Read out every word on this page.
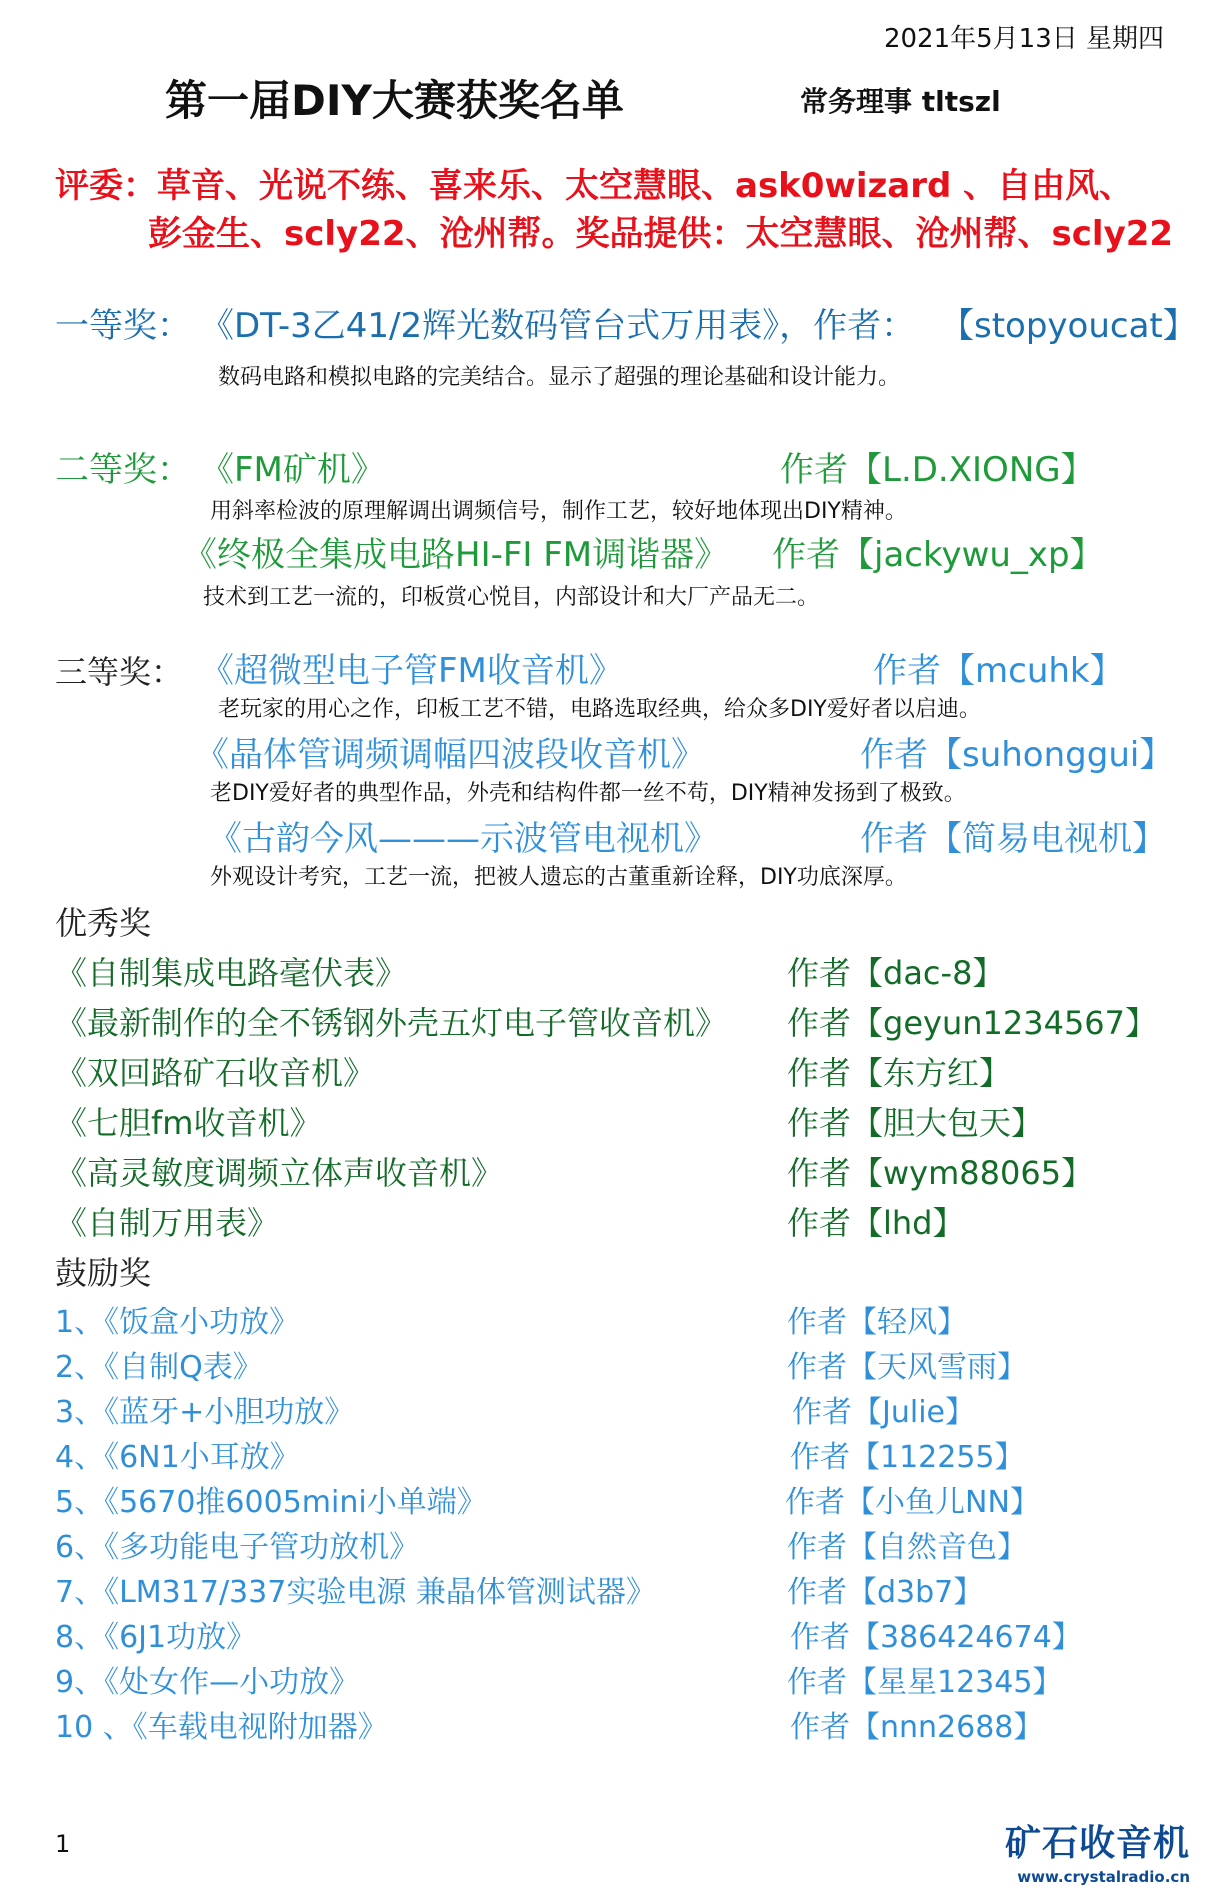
2021年5月13日 星期四
第一届DIY大赛获奖名单	常务理事 tltszl
评委：草音、光说不练、喜来乐、太空慧眼、ask0wizard 、自由风、
彭金生、scly22、沧州帮。奖品提供：太空慧眼、沧州帮、scly22
一等奖： 《DT-3乙41/2辉光数码管台式万用表》，作者： 【stopyoucat】
数码电路和模拟电路的完美结合。显示了超强的理论基础和设计能力。
二等奖： 《FM矿机》	作者【L.D.XIONG】
用斜率检波的原理解调出调频信号，制作工艺，较好地体现出DIY精神。
《终极全集成电路HI-FI FM调谐器》 作者【jackywu_xp】
技术到工艺一流的，印板赏心悦目，内部设计和大厂产品无二。
三等奖： 《超微型电子管FM收音机》	作者【mcuhk】
老玩家的用心之作，印板工艺不错，电路选取经典，给众多DIY爱好者以启迪。
《晶体管调频调幅四波段收音机》	作者【suhonggui】
老DIY爱好者的典型作品，外壳和结构件都一丝不苟，DIY精神发扬到了极致。
《古韵今风———示波管电视机》	作者【简易电视机】
外观设计考究，工艺一流，把被人遗忘的古董重新诠释，DIY功底深厚。
优秀奖
《自制集成电路毫伏表》	作者【dac-8】
《最新制作的全不锈钢外壳五灯电子管收音机》 作者【geyun1234567】
《双回路矿石收音机》	作者【东方红】
《七胆fm收音机》	作者【胆大包天】
《高灵敏度调频立体声收音机》	作者【wym88065】
《自制万用表》	作者【lhd】
鼓励奖
1、《饭盒小功放》	作者【轻风】
2、《自制Q表》	作者【天风雪雨】
3、《蓝牙+小胆功放》	作者【Julie】
4、《6N1小耳放》	作者【112255】
5、《5670推6005mini小单端》	作者【小鱼儿NN】
6、《多功能电子管功放机》	作者【自然音色】
7、《LM317/337实验电源 兼晶体管测试器》	作者【d3b7】
8、《6J1功放》	作者【386424674】
9、《处女作—小功放》	作者【星星12345】
10 、《车载电视附加器》	作者【nnn2688】
1	矿石收音机
www.crystalradio.cn
